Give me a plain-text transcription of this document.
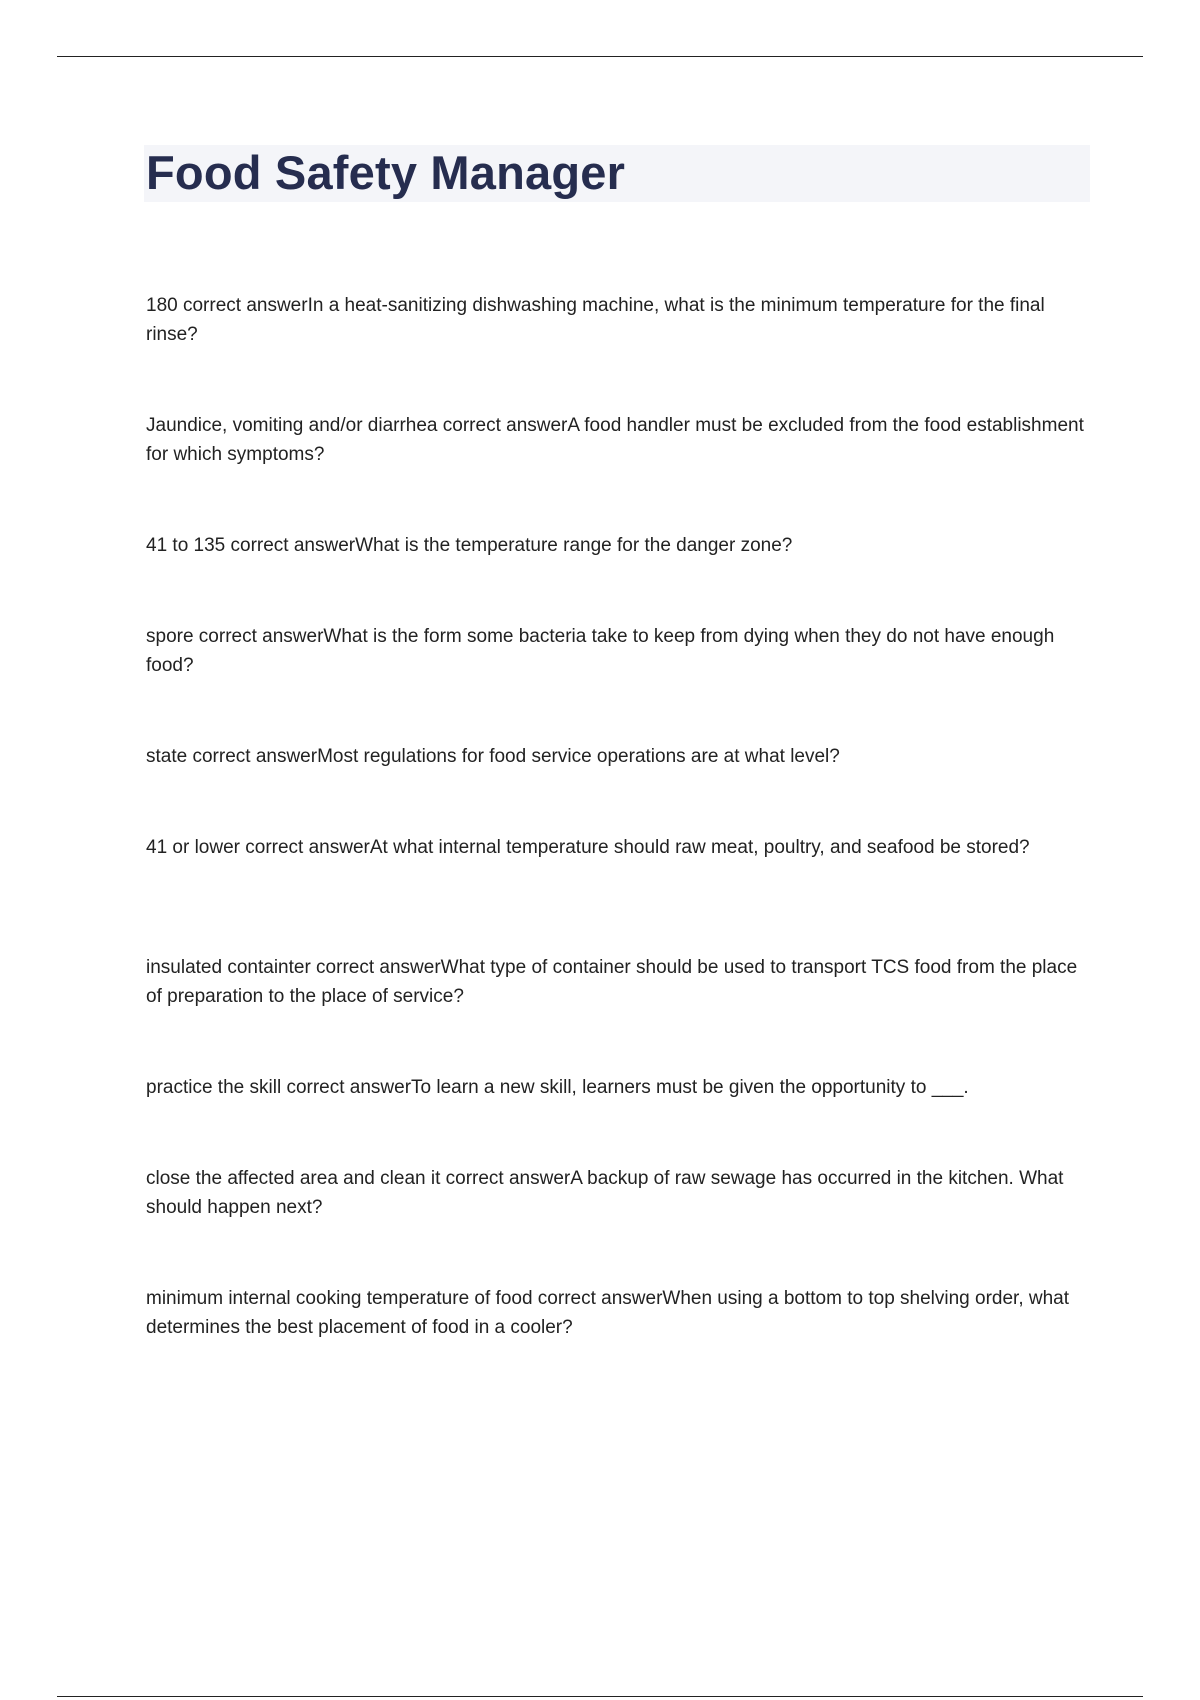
Food Safety Manager
180 correct answerIn a heat-sanitizing dishwashing machine, what is the minimum temperature for the final rinse?
Jaundice, vomiting and/or diarrhea correct answerA food handler must be excluded from the food establishment for which symptoms?
41 to 135 correct answerWhat is the temperature range for the danger zone?
spore correct answerWhat is the form some bacteria take to keep from dying when they do not have enough food?
state correct answerMost regulations for food service operations are at what level?
41 or lower correct answerAt what internal temperature should raw meat, poultry, and seafood be stored?
insulated containter correct answerWhat type of container should be used to transport TCS food from the place of preparation to the place of service?
practice the skill correct answerTo learn a new skill, learners must be given the opportunity to ___.
close the affected area and clean it correct answerA backup of raw sewage has occurred in the kitchen. What should happen next?
minimum internal cooking temperature of food correct answerWhen using a bottom to top shelving order, what determines the best placement of food in a cooler?
